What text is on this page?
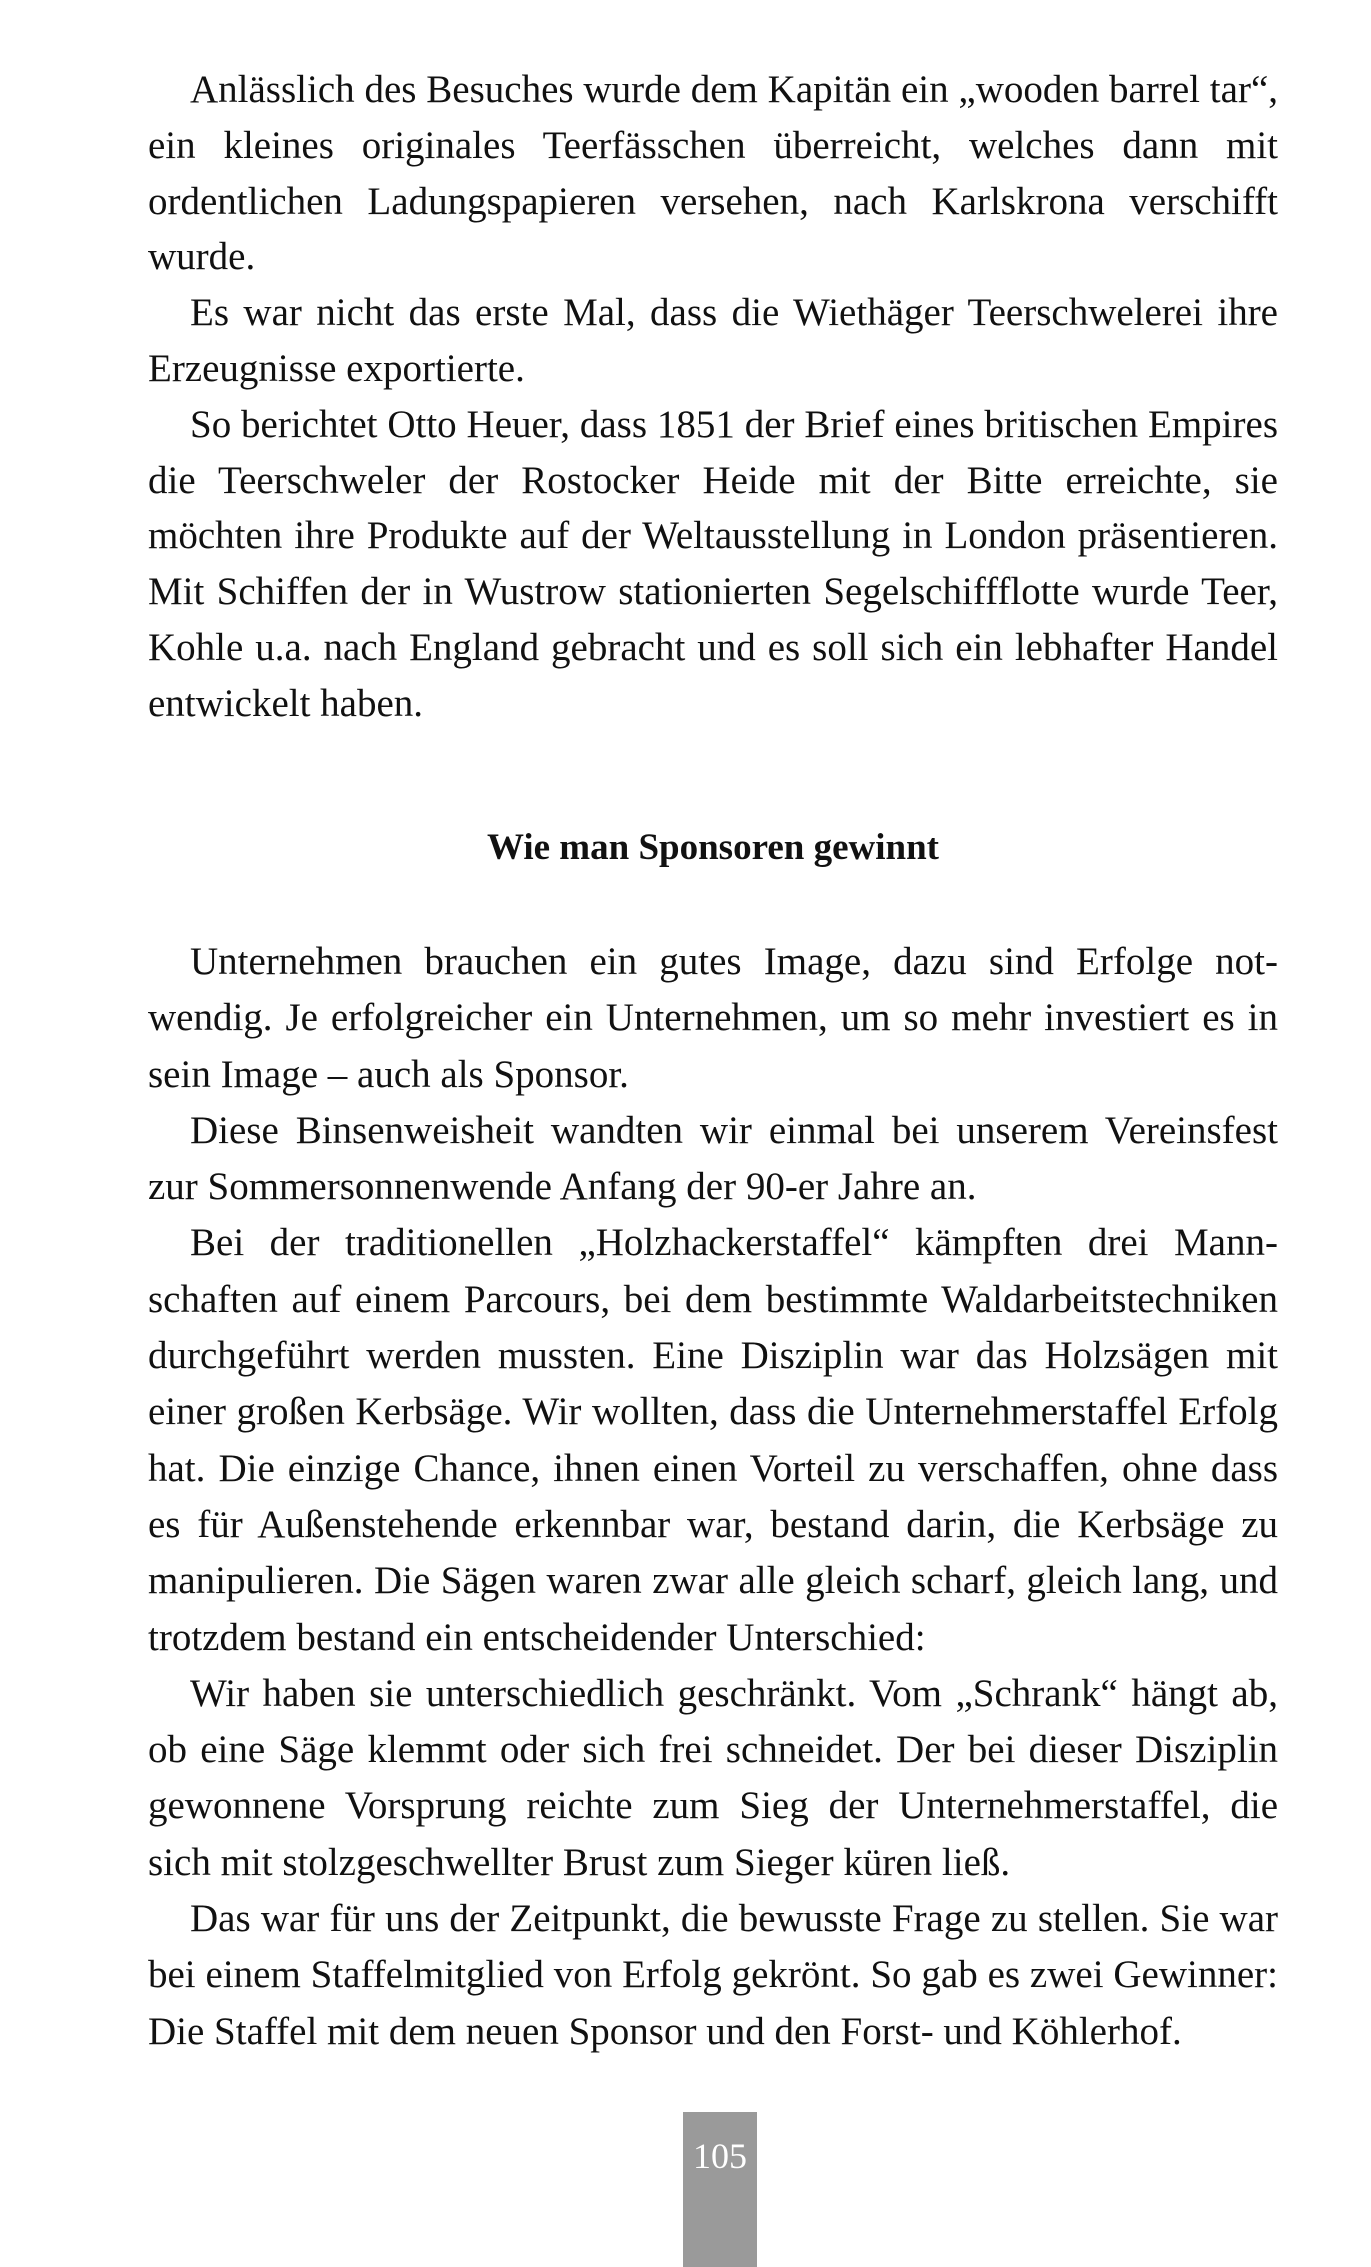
Anlässlich des Besuches wurde dem Kapitän ein „wooden barrel tar“, ein kleines originales Teerfässchen überreicht, welches dann mit ordentlichen Ladungspapieren versehen, nach Karlskrona verschifft wurde.

Es war nicht das erste Mal, dass die Wiethäger Teerschwelerei ihre Erzeugnisse exportierte.

So berichtet Otto Heuer, dass 1851 der Brief eines britischen Empires die Teerschweler der Rostocker Heide mit der Bitte erreichte, sie möchten ihre Produkte auf der Weltausstellung in London präsentieren. Mit Schiffen der in Wustrow stationierten Segelschiffflotte wurde Teer, Kohle u.a. nach England gebracht und es soll sich ein lebhafter Handel entwickelt haben.

Wie man Sponsoren gewinnt

Unternehmen brauchen ein gutes Image, dazu sind Erfolge notwendig. Je erfolgreicher ein Unternehmen, um so mehr investiert es in sein Image – auch als Sponsor.

Diese Binsenweisheit wandten wir einmal bei unserem Vereinsfest zur Sommersonnenwende Anfang der 90-er Jahre an.

Bei der traditionellen „Holzhackerstaffel“ kämpften drei Mannschaften auf einem Parcours, bei dem bestimmte Waldarbeitstechniken durchgeführt werden mussten. Eine Disziplin war das Holzsägen mit einer großen Kerbsäge. Wir wollten, dass die Unternehmerstaffel Erfolg hat. Die einzige Chance, ihnen einen Vorteil zu verschaffen, ohne dass es für Außenstehende erkennbar war, bestand darin, die Kerbsäge zu manipulieren. Die Sägen waren zwar alle gleich scharf, gleich lang, und trotzdem bestand ein entscheidender Unterschied:

Wir haben sie unterschiedlich geschränkt. Vom „Schrank“ hängt ab, ob eine Säge klemmt oder sich frei schneidet. Der bei dieser Disziplin gewonnene Vorsprung reichte zum Sieg der Unternehmerstaffel, die sich mit stolzgeschwellter Brust zum Sieger küren ließ.

Das war für uns der Zeitpunkt, die bewusste Frage zu stellen. Sie war bei einem Staffelmitglied von Erfolg gekrönt. So gab es zwei Gewinner: Die Staffel mit dem neuen Sponsor und den Forst- und Köhlerhof.

105
